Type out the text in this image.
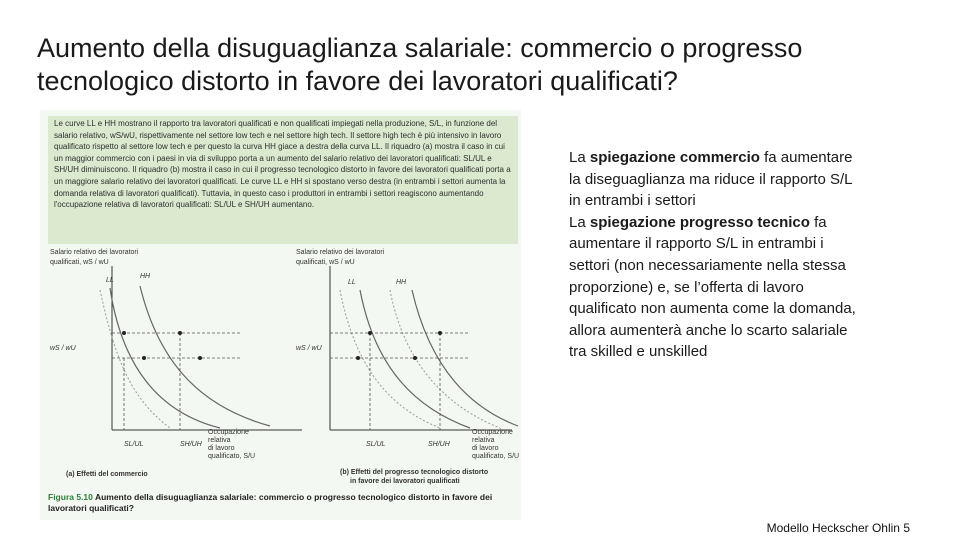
Aumento della disuguaglianza salariale: commercio o progresso tecnologico distorto in favore dei lavoratori qualificati?

Le curve LL e HH mostrano il rapporto tra lavoratori qualificati e non qualificati impiegati nella produzione, S/L, in funzione del salario relativo, wS/wU, rispettivamente nel settore low tech e nel settore high tech. Il settore high tech è più intensivo in lavoro qualificato rispetto al settore low tech e per questo la curva HH giace a destra della curva LL. Il riquadro (a) mostra il caso in cui un maggior commercio con i paesi in via di sviluppo porta a un aumento del salario relativo dei lavoratori qualificati: SL/UL e SH/UH diminuiscono. Il riquadro (b) mostra il caso in cui il progresso tecnologico distorto in favore dei lavoratori qualificati porta a un maggiore salario relativo dei lavoratori qualificati. Le curve LL e HH si spostano verso destra (in entrambi i settori aumenta la domanda relativa di lavoratori qualificati). Tuttavia, in questo caso i produttori in entrambi i settori reagiscono aumentando l'occupazione relativa di lavoratori qualificati: SL/UL e SH/UH aumentano.

Salario relativo dei lavoratori
qualificati, wS / wU
LL
HH
wS / wU
SL/UL	SH/UH
Occupazione
relativa
di lavoro
qualificato, S/U
(a) Effetti del commercio
Salario relativo dei lavoratori
qualificati, wS / wU
LL	HH
wS / wU
SL/UL	SH/UH
Occupazione
relativa
di lavoro
qualificato, S/U
(b) Effetti del progresso tecnologico distorto
in favore dei lavoratori qualificati
Figura 5.10 Aumento della disuguaglianza salariale: commercio o progresso tecnologico distorto in favore dei lavoratori qualificati?

La spiegazione commercio fa aumentare la diseguaglianza ma riduce il rapporto S/L in entrambi i settori

La spiegazione progresso tecnico fa aumentare il rapporto S/L in entrambi i settori (non necessariamente nella stessa proporzione) e, se l’offerta di lavoro qualificato non aumenta come la domanda, allora aumenterà anche lo scarto salariale tra skilled e unskilled

Modello Heckscher Ohlin 5
